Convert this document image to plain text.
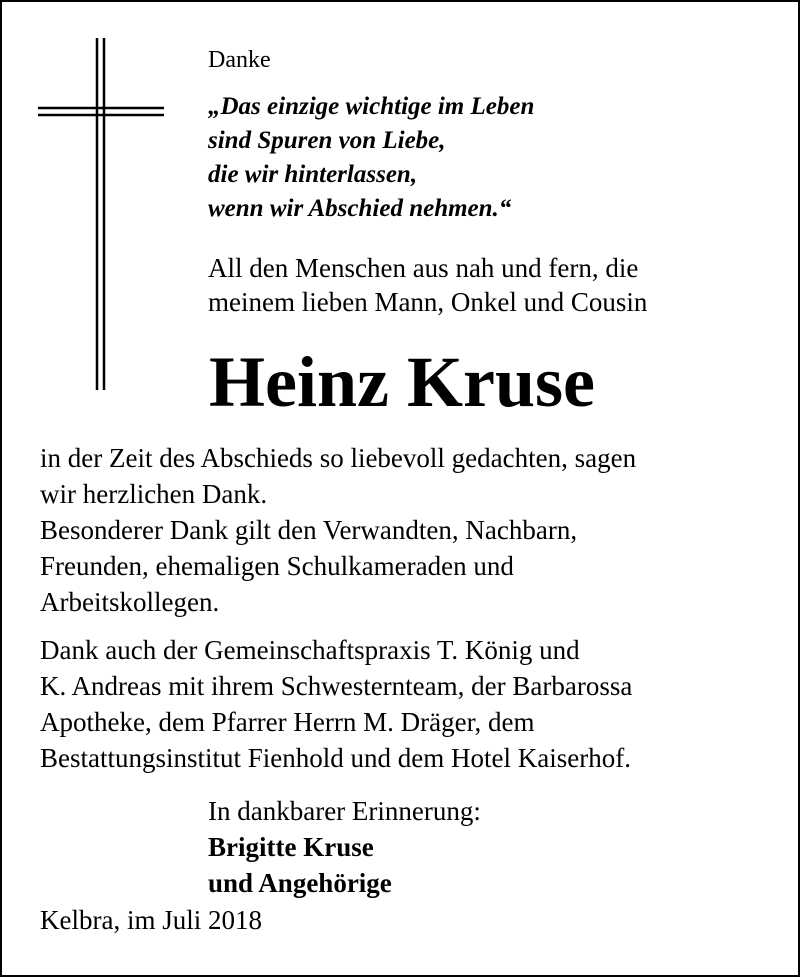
Danke

„Das einzige wichtige im Leben
sind Spuren von Liebe,
die wir hinterlassen,
wenn wir Abschied nehmen.“

All den Menschen aus nah und fern, die
meinem lieben Mann, Onkel und Cousin

Heinz Kruse

in der Zeit des Abschieds so liebevoll gedachten, sagen
wir herzlichen Dank.
Besonderer Dank gilt den Verwandten, Nachbarn,
Freunden, ehemaligen Schulkameraden und
Arbeitskollegen.

Dank auch der Gemeinschaftspraxis T. König und
K. Andreas mit ihrem Schwesternteam, der Barbarossa
Apotheke, dem Pfarrer Herrn M. Dräger, dem
Bestattungsinstitut Fienhold und dem Hotel Kaiserhof.

In dankbarer Erinnerung:
Brigitte Kruse
und Angehörige

Kelbra, im Juli 2018
